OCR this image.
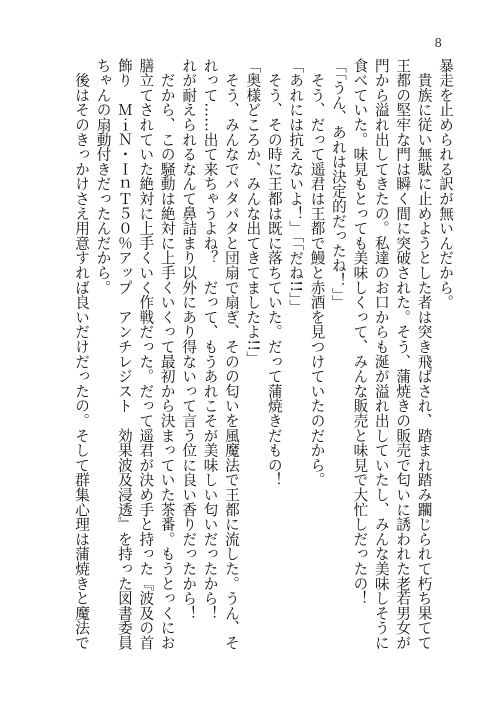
8

暴走を止められる訳が無いんだから。

　貴族に従い無駄に止めようとした者は突き飛ばされ、踏まれ踏み躙じられて朽ち果てて

王都の堅牢な門は瞬く間に突破された。そう、蒲焼きの販売で匂いに誘われた老若男女が

門から溢れ出してきたの。私達のお口からも涎が溢れ出していたし、みんな美味しそうに

食べていた。味見もとっても美味しくって、みんな販売と味見で大忙しだったの！

「「うん、あれは決定的だったね！」」

　そう、だって遥君は王都で鰻と赤酒を見つけていたのだから。

「あれには抗えないよ！」「「だね!!」」

　そう、その時に王都は既に落ちていた。だって蒲焼きだもの！

「奥様どころか、みんな出てきてましたよ!!」

　そう、みんなでパタパタと団扇で扇ぎ、そのの匂いを風魔法で王都に流した。うん、そ

れって……出て来ちゃうよね？　だって、もうあれこそが美味しい匂いだったから！

れが耐えられるなんて鼻詰まり以外にあり得ないって言う位に良い香りだったから！

　だから、この騒動は絶対に上手くいくって最初から決まっていた茶番。もうとっくにお

膳立てされていた絶対に上手くいく作戦だった。だって遥君が決め手と持った『波及の首

飾り　ＭｉＮ・ＩｎＴ５０％アップ　アンチレジスト　効果波及浸透』を持った図書委員

ちゃんの扇動付きだったんだから。

　後はそのきっかけさえ用意すれば良いだけだったの。そして群集心理は蒲焼きと魔法で
